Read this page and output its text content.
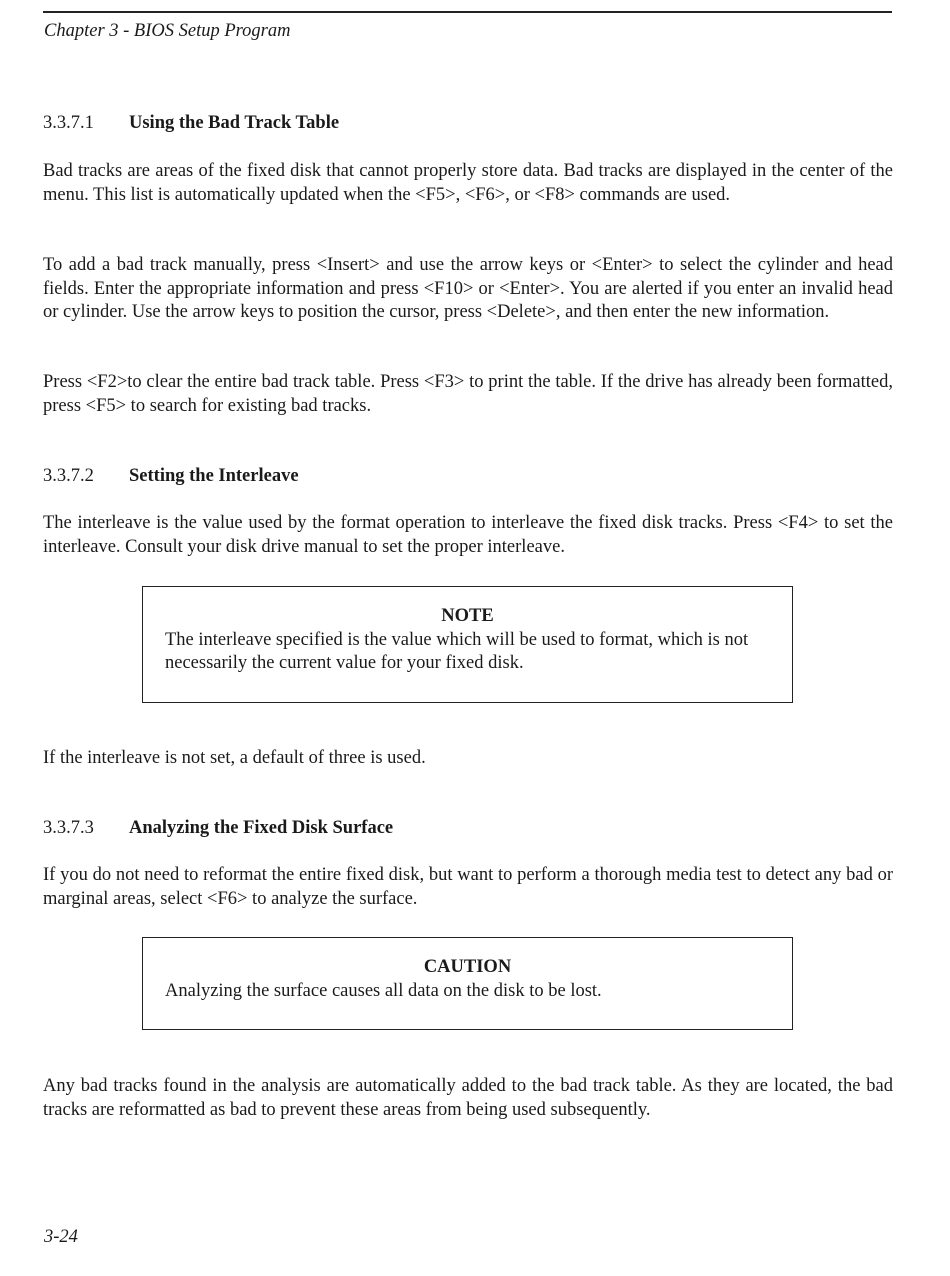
Chapter 3 - BIOS Setup Program
3.3.7.1 Using the Bad Track Table

Bad tracks are areas of the fixed disk that cannot properly store data. Bad tracks are displayed in the center of the menu. This list is automatically updated when the <F5>, <F6>, or <F8> commands are used.

To add a bad track manually, press <Insert> and use the arrow keys or <Enter> to select the cylinder and head fields. Enter the appropriate information and press <F10> or <Enter>. You are alerted if you enter an invalid head or cylinder. Use the arrow keys to position the cursor, press <Delete>, and then enter the new information.

Press <F2>to clear the entire bad track table. Press <F3> to print the table. If the drive has already been formatted, press <F5> to search for existing bad tracks.

3.3.7.2 Setting the Interleave

The interleave is the value used by the format operation to interleave the fixed disk tracks. Press <F4> to set the interleave. Consult your disk drive manual to set the proper interleave.

NOTE

The interleave specified is the value which will be used to format, which is not necessarily the current value for your fixed disk.

If the interleave is not set, a default of three is used.

3.3.7.3 Analyzing the Fixed Disk Surface

If you do not need to reformat the entire fixed disk, but want to perform a thorough media test to detect any bad or marginal areas, select <F6> to analyze the surface.

CAUTION

Analyzing the surface causes all data on the disk to be lost.

Any bad tracks found in the analysis are automatically added to the bad track table. As they are located, the bad tracks are reformatted as bad to prevent these areas from being used subsequently.

3-24
